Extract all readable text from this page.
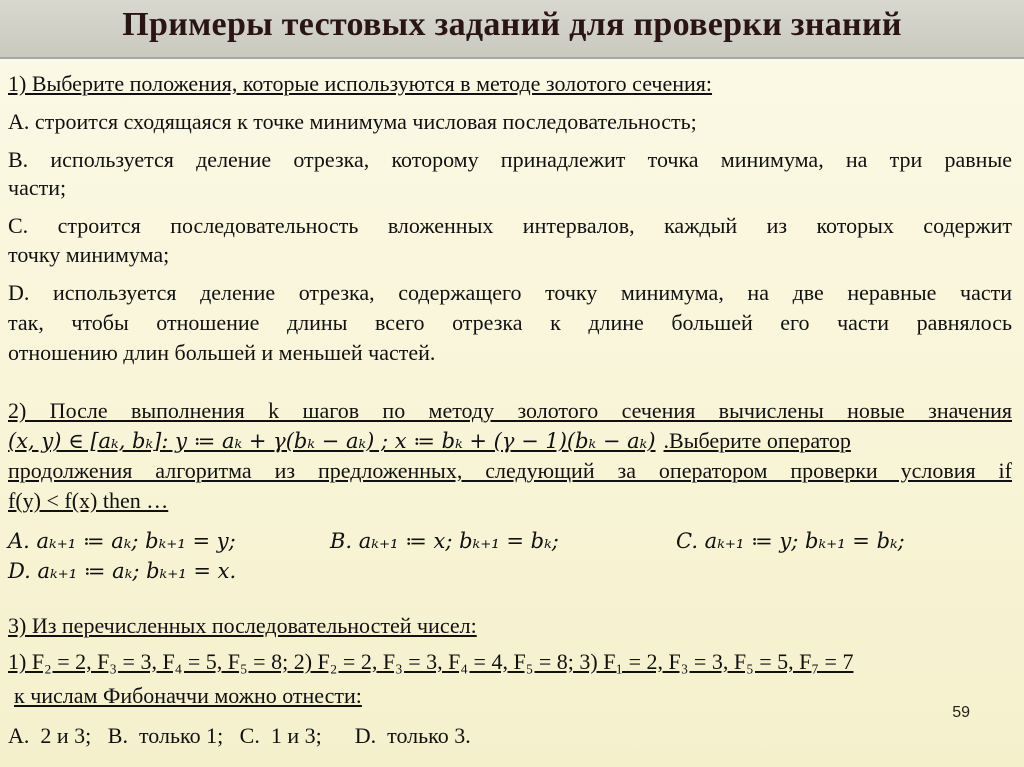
Примеры тестовых заданий для проверки знаний
1) Выберите положения, которые используются в методе золотого сечения:
А. строится сходящаяся к точке минимума числовая последовательность;
В. используется деление отрезка, которому принадлежит точка минимума, на три равные
части;
С. строится последовательность вложенных интервалов, каждый из которых содержит
точку минимума;
D. используется деление отрезка, содержащего точку минимума, на две неравные части
так, чтобы отношение длины всего отрезка к длине большей его части равнялось
отношению длин большей и меньшей частей.
2) После выполнения k шагов по методу золотого сечения вычислены новые значения
(x, y) ∈ [aₖ, bₖ]: y ≔ aₖ + γ(bₖ − aₖ) ; x ≔ bₖ + (γ − 1)(bₖ − aₖ) .Выберите оператор
продолжения алгоритма из предложенных, следующий за оператором проверки условия if
f(y) < f(x) then …
A. aₖ₊₁ ≔ aₖ; bₖ₊₁ = y;	B. aₖ₊₁ ≔ x; bₖ₊₁ = bₖ;	C. aₖ₊₁ ≔ y; bₖ₊₁ = bₖ;
D. aₖ₊₁ ≔ aₖ; bₖ₊₁ = x.
3) Из перечисленных последовательностей чисел:
1) F₂ = 2, F₃ = 3, F₄ = 5, F₅ = 8; 2) F₂ = 2, F₃ = 3, F₄ = 4, F₅ = 8; 3) F₁ = 2, F₃ = 3, F₅ = 5, F₇ = 7
к числам Фибоначчи можно отнести:
А.  2 и 3;   В.  только 1;   С.  1 и 3;      D.  только 3.
59
